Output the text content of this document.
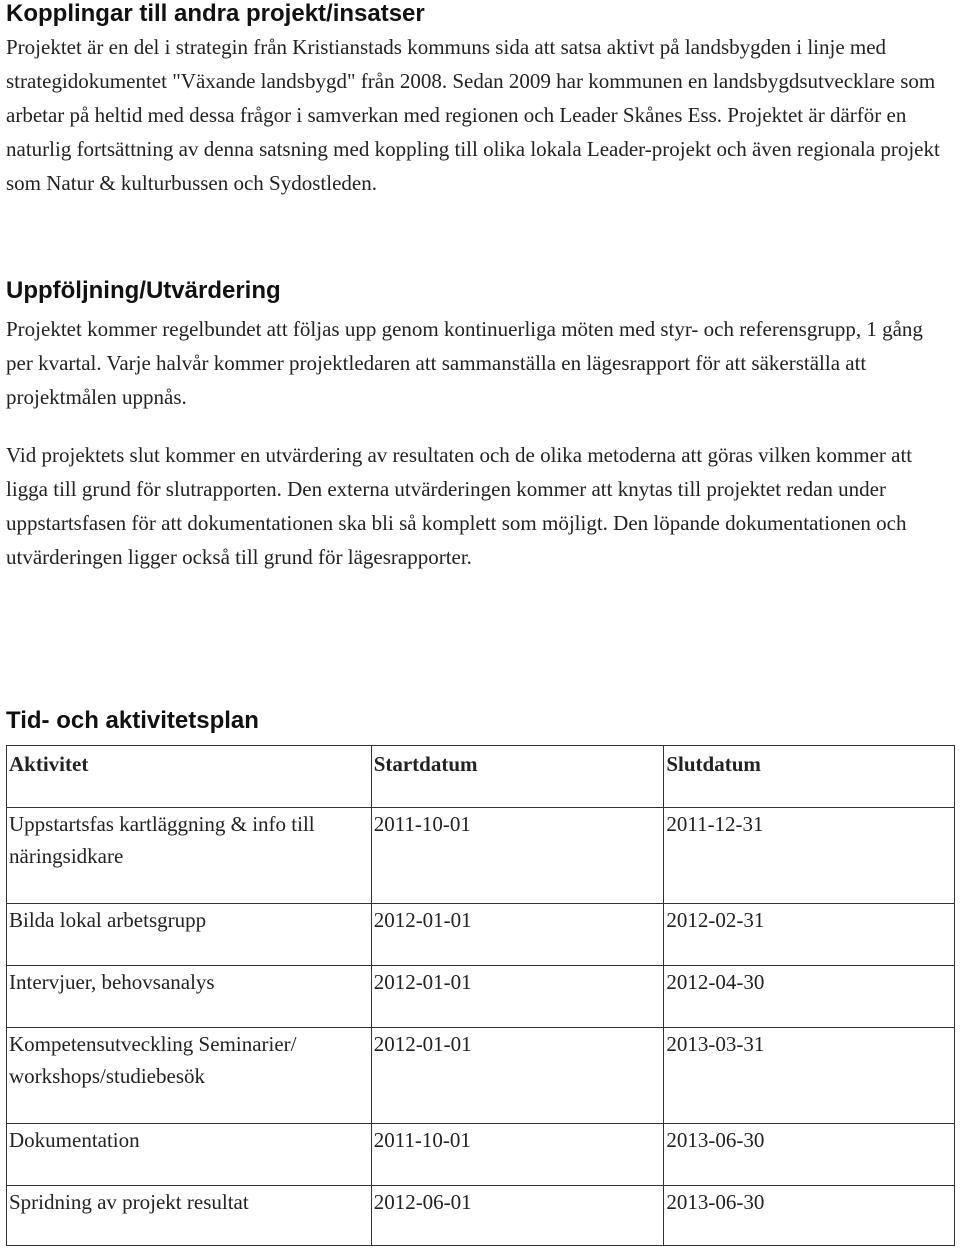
Kopplingar till andra projekt/insatser

Projektet är en del i strategin från Kristianstads kommuns sida att satsa aktivt på landsbygden i linje med strategidokumentet "Växande landsbygd" från 2008. Sedan 2009 har kommunen en landsbygdsutvecklare som arbetar på heltid med dessa frågor i samverkan med regionen och Leader Skånes Ess. Projektet är därför en naturlig fortsättning av denna satsning med koppling till olika lokala Leader-projekt och även regionala projekt som Natur & kulturbussen och Sydostleden.

Uppföljning/Utvärdering

Projektet kommer regelbundet att följas upp genom kontinuerliga möten med styr- och referensgrupp, 1 gång per kvartal. Varje halvår kommer projektledaren att sammanställa en lägesrapport för att säkerställa att projektmålen uppnås.

Vid projektets slut kommer en utvärdering av resultaten och de olika metoderna att göras vilken kommer att ligga till grund för slutrapporten. Den externa utvärderingen kommer att knytas till projektet redan under uppstartsfasen för att dokumentationen ska bli så komplett som möjligt. Den löpande dokumentationen och utvärderingen ligger också till grund för lägesrapporter.

Tid- och aktivitetsplan
Aktivitet	Startdatum	Slutdatum
Uppstartsfas kartläggning & info till näringsidkare	2011-10-01	2011-12-31
Bilda lokal arbetsgrupp	2012-01-01	2012-02-31
Intervjuer, behovsanalys	2012-01-01	2012-04-30
Kompetensutveckling Seminarier/ workshops/studiebesök	2012-01-01	2013-03-31
Dokumentation	2011-10-01	2013-06-30
Spridning av projekt resultat	2012-06-01	2013-06-30
